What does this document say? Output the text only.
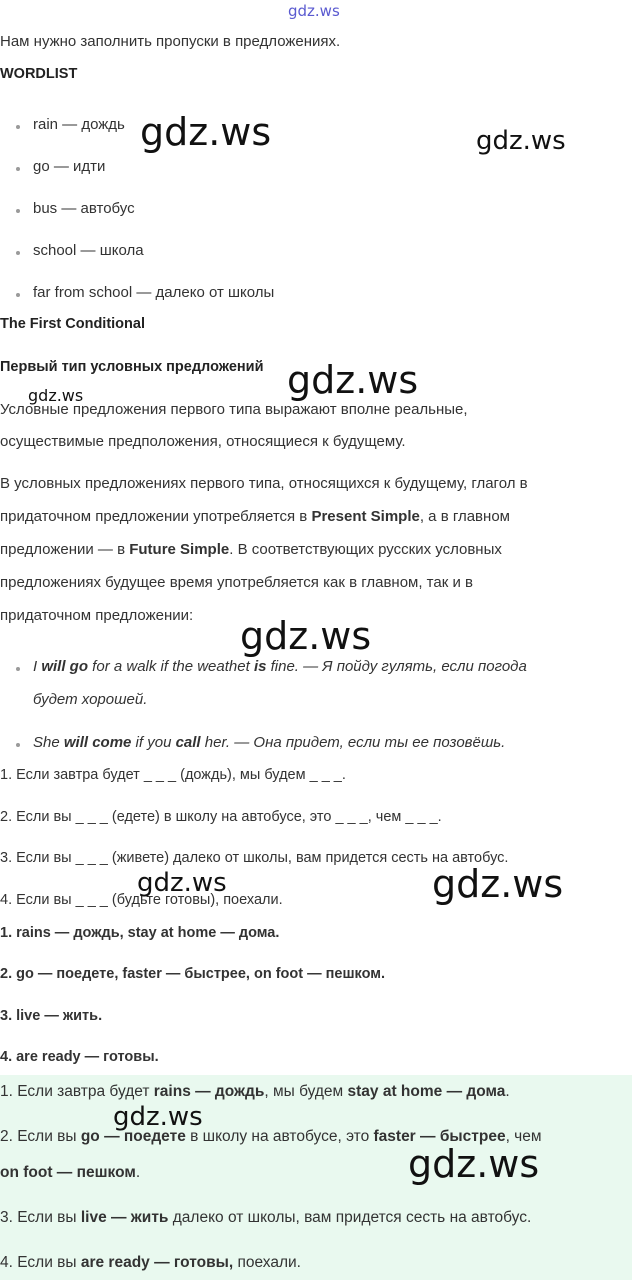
gdz.ws
Нам нужно заполнить пропуски в предложениях.
WORDLIST
rain — дождь
go — идти
bus — автобус
school — школа
far from school — далеко от школы
The First Conditional
Первый тип условных предложений
Условные предложения первого типа выражают вполне реальные,
осуществимые предположения, относящиеся к будущему.
В условных предложениях первого типа, относящихся к будущему, глагол в
придаточном предложении употребляется в Present Simple, а в главном
предложении — в Future Simple. В соответствующих русских условных
предложениях будущее время употребляется как в главном, так и в
придаточном предложении:
I will go for a walk if the weathet is fine. — Я пойду гулять, если погода
будет хорошей.
She will come if you call her. — Она придет, если ты ее позовёшь.
1. Если завтра будет _ _ _ (дождь), мы будем _ _ _.
2. Если вы _ _ _ (едете) в школу на автобусе, это _ _ _, чем _ _ _.
3. Если вы _ _ _ (живете) далеко от школы, вам придется сесть на автобус.
4. Если вы _ _ _ (будьте готовы), поехали.
1. rains — дождь, stay at home — дома.
2. go — поедете, faster — быстрее, on foot — пешком.
3. live — жить.
4. are ready — готовы.
1. Если завтра будет rains — дождь, мы будем stay at home — дома.
2. Если вы go — поедете в школу на автобусе, это faster — быстрее, чем
on foot — пешком.
3. Если вы live — жить далеко от школы, вам придется сесть на автобус.
4. Если вы are ready — готовы, поехали.
gdz.ws	gdz.ws
gdz.ws
gdz.ws
gdz.ws
gdz.ws	gdz.ws
gdz.ws
gdz.ws
